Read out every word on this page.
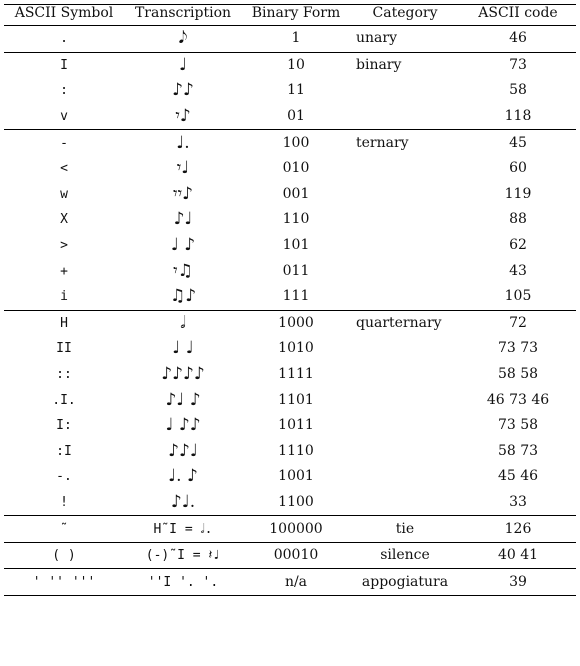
ASCII Symbol	Transcription	Binary Form	Category	ASCII code
.	𝅘𝅥𝅮	1	unary	46
I	♩	10	binary	73
:	♪♪	11		58
v	𝄾♪	01		118
-	♩.	100	ternary	45
<	𝄾♩	010		60
w	𝄾𝄾♪	001		119
X	♪♩	110		88
>	♩ ♪	101		62
+	𝄾♫	011		43
i	♫♪	111		105
H	𝅗𝅥	1000	quarternary	72
II	♩ ♩	1010		73 73
::	♪♪♪♪	1111		58 58
.I.	♪♩ ♪	1101		46 73 46
I:	♩ ♪♪	1011		73 58
:I	♪♪♩	1110		58 73
-.	♩. ♪	1001		45 46
!	♪♩.	1100		33
˜	H˜I = 𝅗𝅥.	100000	tie	126
( )	(-)˜I = 𝄽♩	00010	silence	40 41
' '' '''	''I '. '.	n/a	appogiatura	39
